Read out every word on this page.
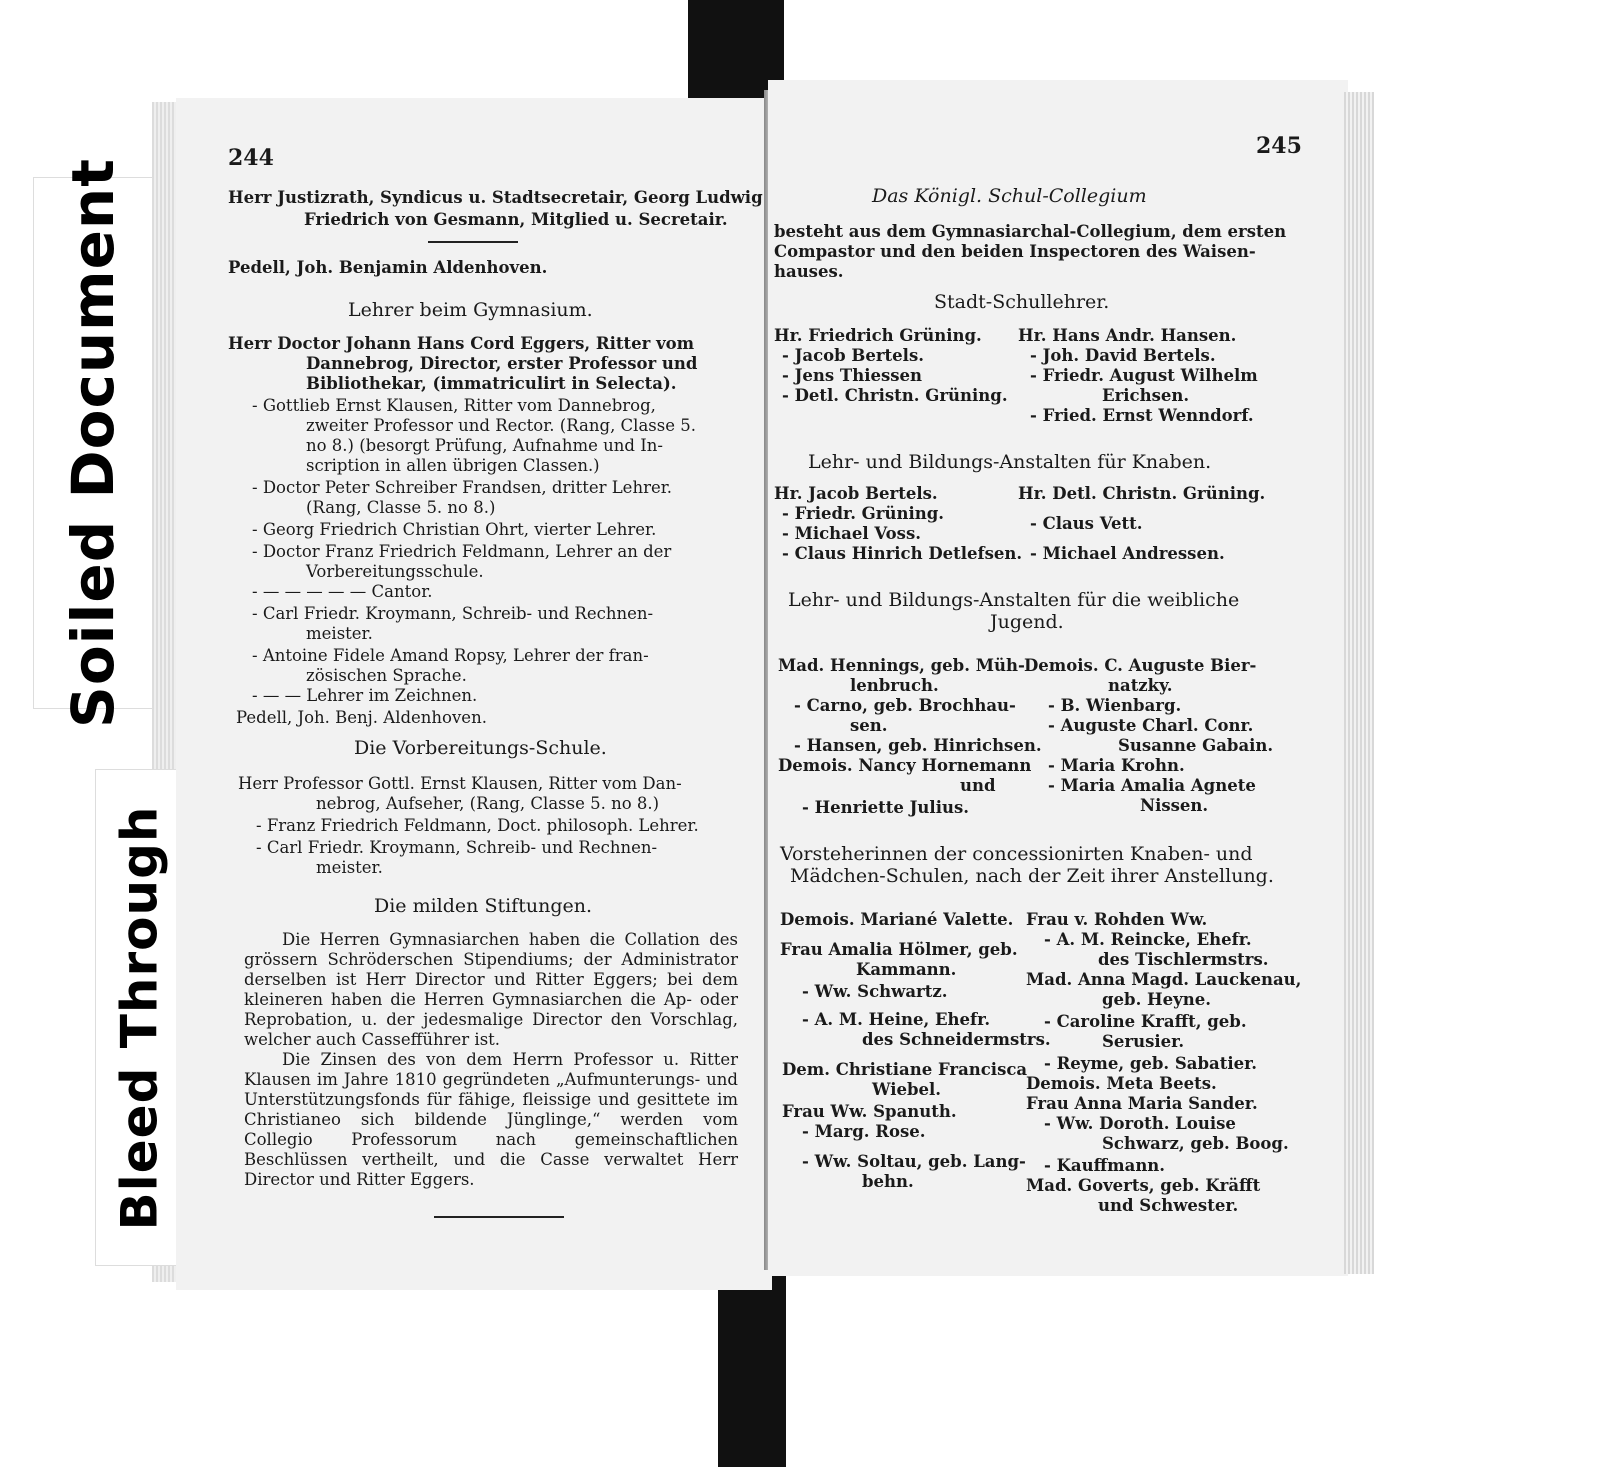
Soiled Document
Bleed Through
244
Herr Justizrath, Syndicus u. Stadtsecretair, Georg Ludwig
Friedrich von Gesmann, Mitglied u. Secretair.
Pedell, Joh. Benjamin Aldenhoven.
Lehrer beim Gymnasium.
Herr Doctor Johann Hans Cord Eggers, Ritter vom
Dannebrog, Director, erster Professor und
Bibliothekar, (immatriculirt in Selecta).
- Gottlieb Ernst Klausen, Ritter vom Dannebrog,
zweiter Professor und Rector. (Rang, Classe 5.
no 8.) (besorgt Prüfung, Aufnahme und In-
scription in allen übrigen Classen.)
- Doctor Peter Schreiber Frandsen, dritter Lehrer.
(Rang, Classe 5. no 8.)
- Georg Friedrich Christian Ohrt, vierter Lehrer.
- Doctor Franz Friedrich Feldmann, Lehrer an der
Vorbereitungsschule.
- — — — — — Cantor.
- Carl Friedr. Kroymann, Schreib- und Rechnen-
meister.
- Antoine Fidele Amand Ropsy, Lehrer der fran-
zösischen Sprache.
- — — Lehrer im Zeichnen.
Pedell, Joh. Benj. Aldenhoven.
Die Vorbereitungs-Schule.
Herr Professor Gottl. Ernst Klausen, Ritter vom Dan-
nebrog, Aufseher, (Rang, Classe 5. no 8.)
- Franz Friedrich Feldmann, Doct. philosoph. Lehrer.
- Carl Friedr. Kroymann, Schreib- und Rechnen-
meister.
Die milden Stiftungen.
Die Herren Gymnasiarchen haben die Collation des grössern Schröderschen Stipendiums; der Administrator derselben ist Herr Director und Ritter Eggers; bei dem kleineren haben die Herren Gymnasiarchen die Ap- oder Reprobation, u. der jedesmalige Director den Vorschlag, welcher auch Cassefführer ist.
Die Zinsen des von dem Herrn Professor u. Ritter Klausen im Jahre 1810 gegründeten „Aufmunterungs- und Unterstützungsfonds für fähige, fleissige und gesittete im Christianeo sich bildende Jünglinge,“ werden vom Collegio Professorum nach gemeinschaftlichen Beschlüssen vertheilt, und die Casse verwaltet Herr Director und Ritter Eggers.
245
Das Königl. Schul-Collegium
besteht aus dem Gymnasiarchal-Collegium, dem ersten
Compastor und den beiden Inspectoren des Waisen-
hauses.
Stadt-Schullehrer.
Hr. Friedrich Grüning.
- Jacob Bertels.
- Jens Thiessen
- Detl. Christn. Grüning.
Hr. Hans Andr. Hansen.
- Joh. David Bertels.
- Friedr. August Wilhelm
Erichsen.
- Fried. Ernst Wenndorf.
Lehr- und Bildungs-Anstalten für Knaben.
Hr. Jacob Bertels.
- Friedr. Grüning.
- Michael Voss.
- Claus Hinrich Detlefsen.
Hr. Detl. Christn. Grüning.
- Claus Vett.
- Michael Andressen.
Lehr- und Bildungs-Anstalten für die weibliche
Jugend.
Mad. Hennings, geb. Müh-
lenbruch.
- Carno, geb. Brochhau-
sen.
- Hansen, geb. Hinrichsen.
Demois. Nancy Hornemann
und
- Henriette Julius.
Demois. C. Auguste Bier-
natzky.
- B. Wienbarg.
- Auguste Charl. Conr.
Susanne Gabain.
- Maria Krohn.
- Maria Amalia Agnete
Nissen.
Vorsteherinnen der concessionirten Knaben- und
Mädchen-Schulen, nach der Zeit ihrer Anstellung.
Demois. Mariané Valette.
Frau Amalia Hölmer, geb.
Kammann.
- Ww. Schwartz.
- A. M. Heine, Ehefr.
des Schneidermstrs.
Dem. Christiane Francisca
Wiebel.
Frau Ww. Spanuth.
- Marg. Rose.
- Ww. Soltau, geb. Lang-
behn.
Frau v. Rohden Ww.
- A. M. Reincke, Ehefr.
des Tischlermstrs.
Mad. Anna Magd. Lauckenau,
geb. Heyne.
- Caroline Krafft, geb.
Serusier.
- Reyme, geb. Sabatier.
Demois. Meta Beets.
Frau Anna Maria Sander.
- Ww. Doroth. Louise
Schwarz, geb. Boog.
- Kauffmann.
Mad. Goverts, geb. Kräfft
und Schwester.
